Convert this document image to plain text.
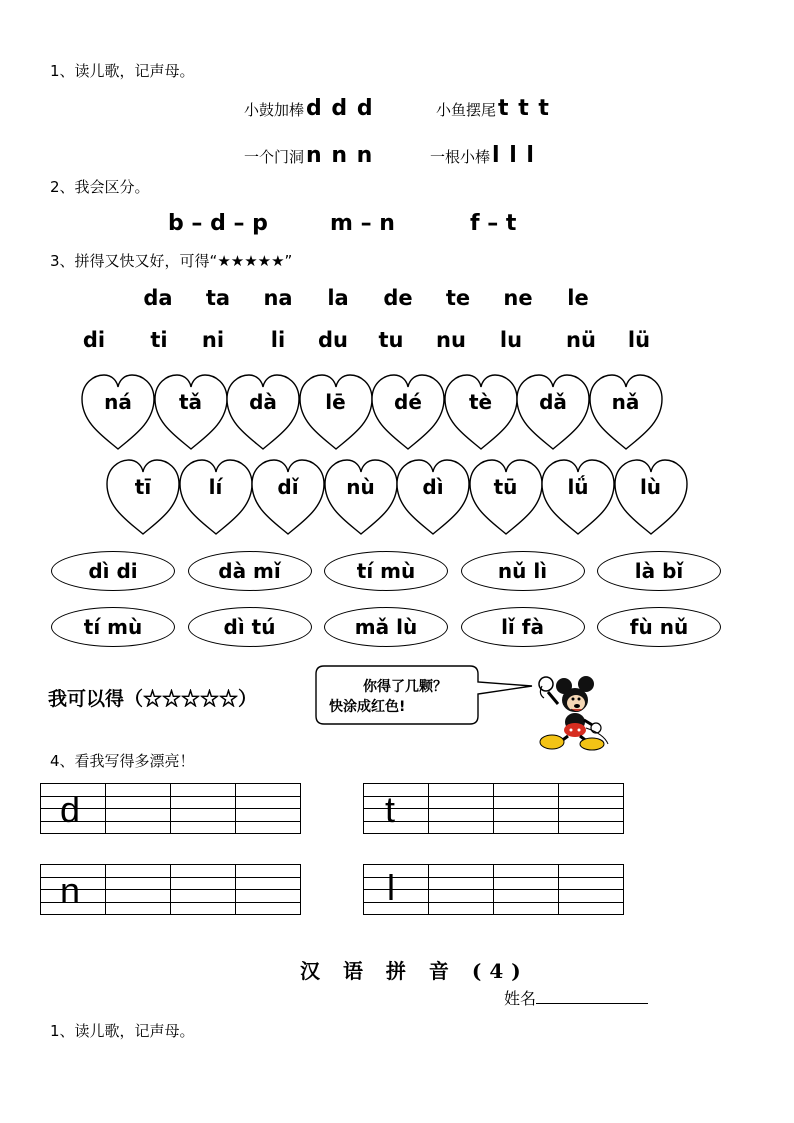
1、读儿歌，记声母。
小鼓加棒d d d	小鱼摆尾t t t
一个门洞n n n	一根小棒l l l
2、我会区分。
b – d – p	m – n	f – t
3、拼得又快又好，可得“★★★★★”
da	ta	na	la	de	te	ne	le
di	ti	ni	li	du	tu	nu	lu	nü	lü
ná	tǎ	dà	lē	dé	tè	dǎ	nǎ
tī	lí	dǐ	nù	dì	tū	lǘ	lù
dì di	dà mǐ	tí mù	nǔ lì	là bǐ
tí mù	dì tú	mǎ lù	lǐ fà	fù nǔ
我可以得（☆☆☆☆☆）
你得了几颗？
快涂成红色!
4、看我写得多漂亮！

d

				t

n

				l
汉 语 拼 音 (4)
姓名
1、读儿歌，记声母。
